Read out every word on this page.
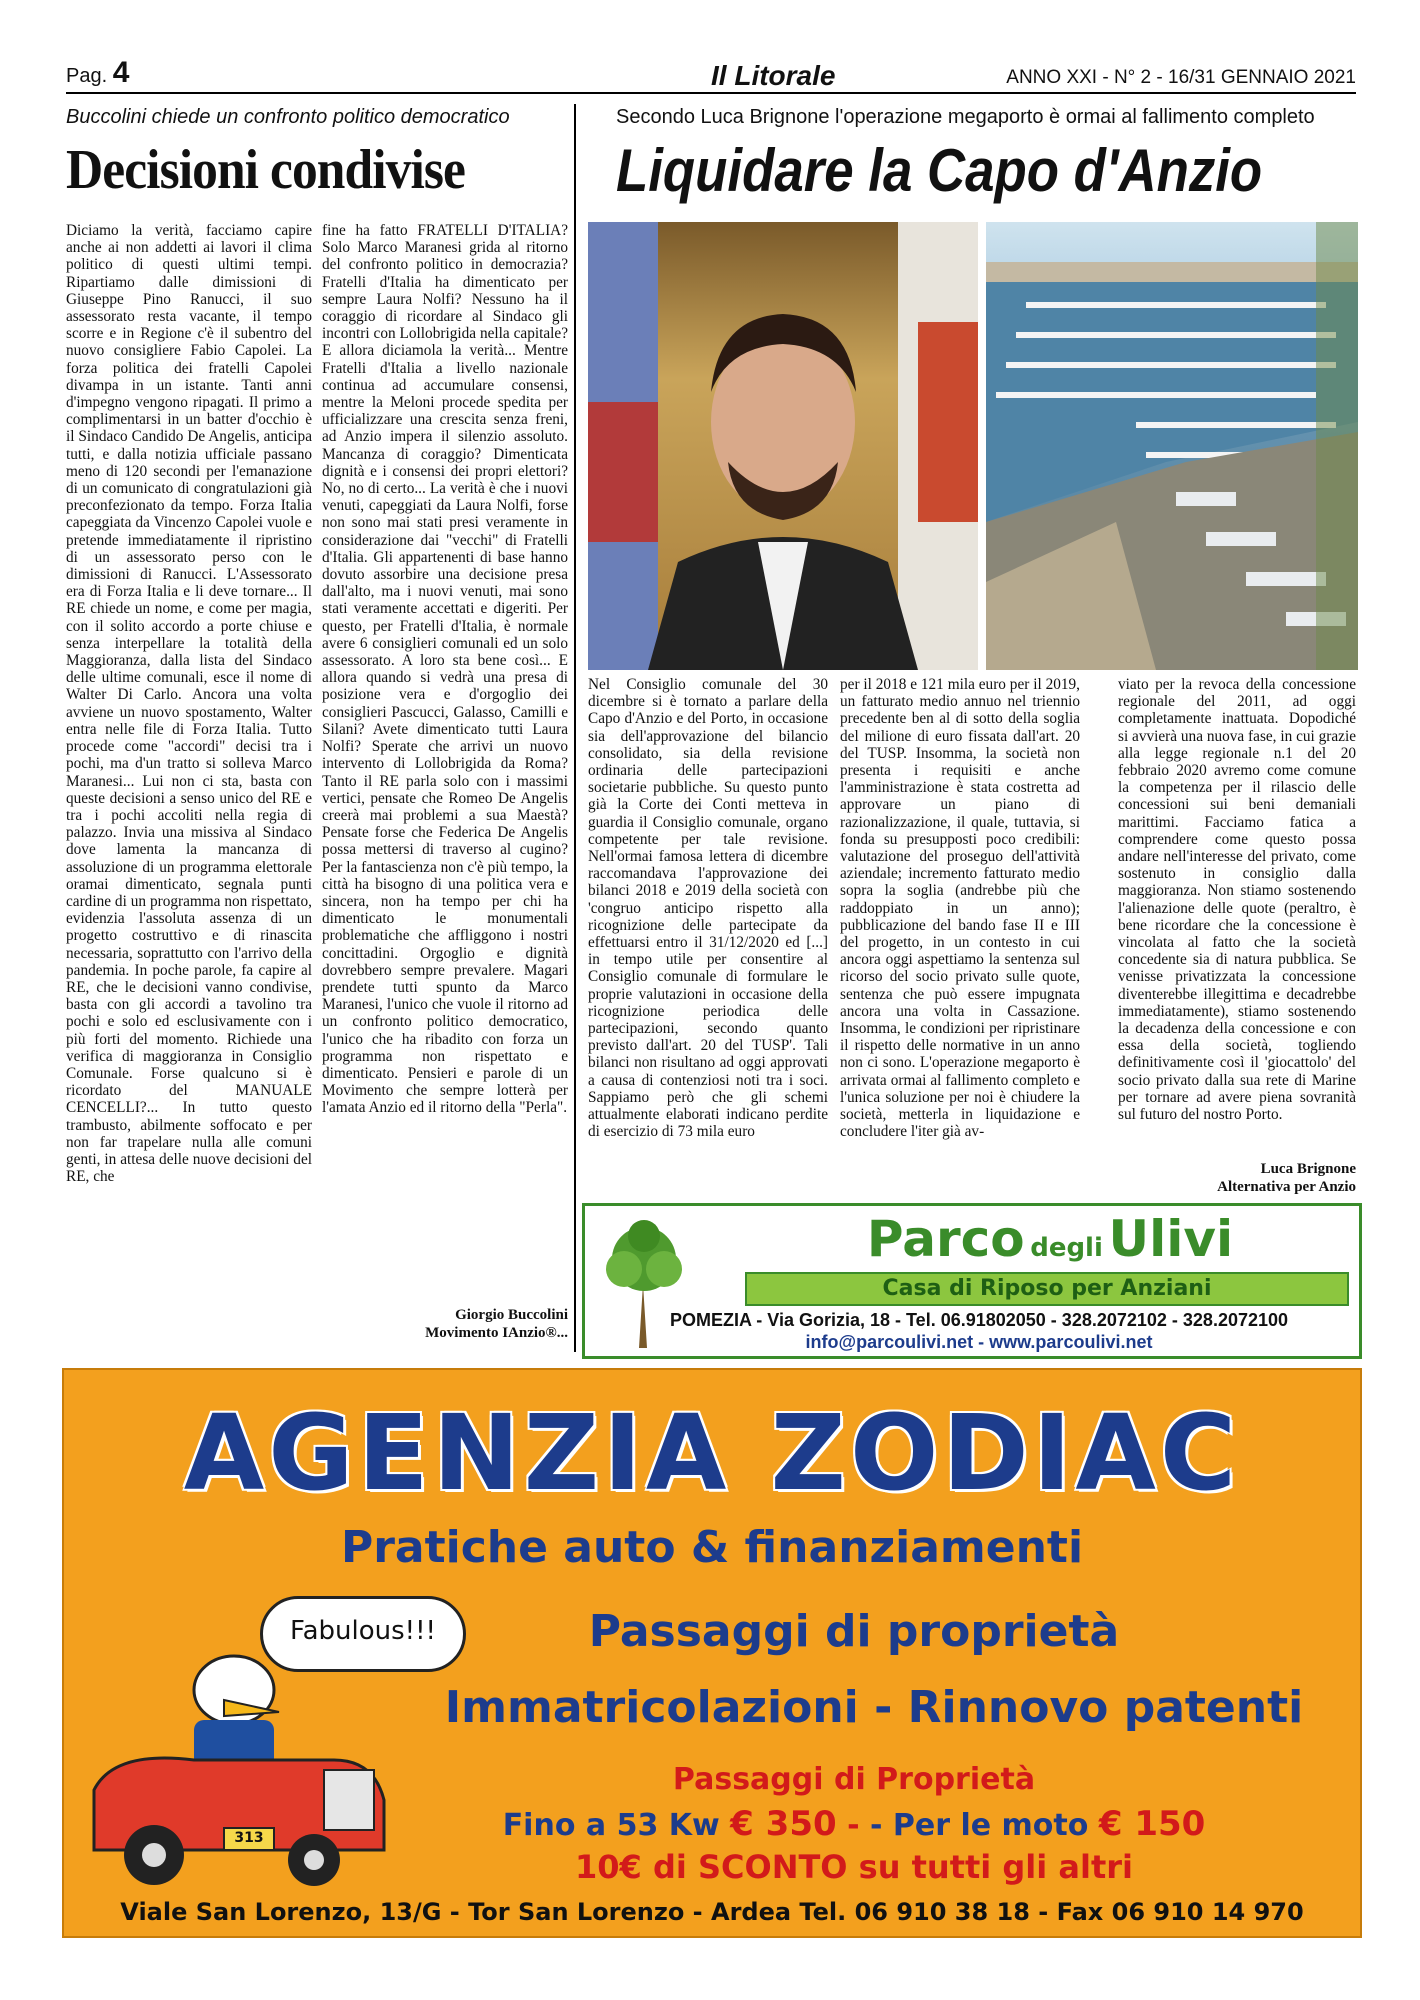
Pag. 4	Il Litorale	ANNO XXI - N° 2 - 16/31 GENNAIO 2021
Buccolini chiede un confronto politico democratico
Decisioni condivise

Diciamo la verità, facciamo capire anche ai non addetti ai lavori il clima politico di questi ultimi tempi. Ripartiamo dalle dimissioni di Giuseppe Pino Ranucci, il suo assessorato resta vacante, il tempo scorre e in Regione c'è il subentro del nuovo consigliere Fabio Capolei. La forza politica dei fratelli Capolei divampa in un istante. Tanti anni d'impegno vengono ripagati. Il primo a complimentarsi in un batter d'occhio è il Sindaco Candido De Angelis, anticipa tutti, e dalla notizia ufficiale passano meno di 120 secondi per l'emanazione di un comunicato di congratulazioni già preconfezionato da tempo. Forza Italia capeggiata da Vincenzo Capolei vuole e pretende immediatamente il ripristino di un assessorato perso con le dimissioni di Ranucci. L'Assessorato era di Forza Italia e li deve tornare... Il RE chiede un nome, e come per magia, con il solito accordo a porte chiuse e senza interpellare la totalità della Maggioranza, dalla lista del Sindaco delle ultime comunali, esce il nome di Walter Di Carlo. Ancora una volta avviene un nuovo spostamento, Walter entra nelle file di Forza Italia. Tutto procede come "accordi" decisi tra i pochi, ma d'un tratto si solleva Marco Maranesi... Lui non ci sta, basta con queste decisioni a senso unico del RE e tra i pochi accoliti nella regia di palazzo. Invia una missiva al Sindaco dove lamenta la mancanza di assoluzione di un programma elettorale oramai dimenticato, segnala punti cardine di un programma non rispettato, evidenzia l'assoluta assenza di un progetto costruttivo e di rinascita necessaria, soprattutto con l'arrivo della pandemia. In poche parole, fa capire al RE, che le decisioni vanno condivise, basta con gli accordi a tavolino tra pochi e solo ed esclusivamente con i più forti del momento. Richiede una verifica di maggioranza in Consiglio Comunale. Forse qualcuno si è ricordato del MANUALE CENCELLI?... In tutto questo trambusto, abilmente soffocato e per non far trapelare nulla alle comuni genti, in attesa delle nuove decisioni del RE, che

fine ha fatto FRATELLI D'ITALIA? Solo Marco Maranesi grida al ritorno del confronto politico in democrazia? Fratelli d'Italia ha dimenticato per sempre Laura Nolfi? Nessuno ha il coraggio di ricordare al Sindaco gli incontri con Lollobrigida nella capitale? E allora diciamola la verità... Mentre Fratelli d'Italia a livello nazionale continua ad accumulare consensi, mentre la Meloni procede spedita per ufficializzare una crescita senza freni, ad Anzio impera il silenzio assoluto. Mancanza di coraggio? Dimenticata dignità e i consensi dei propri elettori? No, no di certo... La verità è che i nuovi venuti, capeggiati da Laura Nolfi, forse non sono mai stati presi veramente in considerazione dai "vecchi" di Fratelli d'Italia. Gli appartenenti di base hanno dovuto assorbire una decisione presa dall'alto, ma i nuovi venuti, mai sono stati veramente accettati e digeriti. Per questo, per Fratelli d'Italia, è normale avere 6 consiglieri comunali ed un solo assessorato. A loro sta bene così... E allora quando si vedrà una presa di posizione vera e d'orgoglio dei consiglieri Pascucci, Galasso, Camilli e Silani? Avete dimenticato tutti Laura Nolfi? Sperate che arrivi un nuovo intervento di Lollobrigida da Roma? Tanto il RE parla solo con i massimi vertici, pensate che Romeo De Angelis creerà mai problemi a sua Maestà? Pensate forse che Federica De Angelis possa mettersi di traverso al cugino? Per la fantascienza non c'è più tempo, la città ha bisogno di una politica vera e sincera, non ha tempo per chi ha dimenticato le monumentali problematiche che affliggono i nostri concittadini. Orgoglio e dignità dovrebbero sempre prevalere. Magari prendete tutti spunto da Marco Maranesi, l'unico che vuole il ritorno ad un confronto politico democratico, l'unico che ha ribadito con forza un programma non rispettato e dimenticato. Pensieri e parole di un Movimento che sempre lotterà per l'amata Anzio ed il ritorno della "Perla".

Giorgio Buccolini
Movimento IAnzio®...
Secondo Luca Brignone l'operazione megaporto è ormai al fallimento completo
Liquidare la Capo d'Anzio

Nel Consiglio comunale del 30 dicembre si è tornato a parlare della Capo d'Anzio e del Porto, in occasione sia dell'approvazione del bilancio consolidato, sia della revisione ordinaria delle partecipazioni societarie pubbliche. Su questo punto già la Corte dei Conti metteva in guardia il Consiglio comunale, organo competente per tale revisione. Nell'ormai famosa lettera di dicembre raccomandava l'approvazione dei bilanci 2018 e 2019 della società con 'congruo anticipo rispetto alla ricognizione delle partecipate da effettuarsi entro il 31/12/2020 ed [...] in tempo utile per consentire al Consiglio comunale di formulare le proprie valutazioni in occasione della ricognizione periodica delle partecipazioni, secondo quanto previsto dall'art. 20 del TUSP'. Tali bilanci non risultano ad oggi approvati a causa di contenziosi noti tra i soci. Sappiamo però che gli schemi attualmente elaborati indicano perdite di esercizio di 73 mila euro

per il 2018 e 121 mila euro per il 2019, un fatturato medio annuo nel triennio precedente ben al di sotto della soglia del milione di euro fissata dall'art. 20 del TUSP. Insomma, la società non presenta i requisiti e anche l'amministrazione è stata costretta ad approvare un piano di razionalizzazione, il quale, tuttavia, si fonda su presupposti poco credibili: valutazione del proseguo dell'attività aziendale; incremento fatturato medio sopra la soglia (andrebbe più che raddoppiato in un anno); pubblicazione del bando fase II e III del progetto, in un contesto in cui ancora oggi aspettiamo la sentenza sul ricorso del socio privato sulle quote, sentenza che può essere impugnata ancora una volta in Cassazione. Insomma, le condizioni per ripristinare il rispetto delle normative in un anno non ci sono. L'operazione megaporto è arrivata ormai al fallimento completo e l'unica soluzione per noi è chiudere la società, metterla in liquidazione e concludere l'iter già av-

viato per la revoca della concessione regionale del 2011, ad oggi completamente inattuata. Dopodiché si avvierà una nuova fase, in cui grazie alla legge regionale n.1 del 20 febbraio 2020 avremo come comune la competenza per il rilascio delle concessioni sui beni demaniali marittimi. Facciamo fatica a comprendere come questo possa andare nell'interesse del privato, come sostenuto in consiglio dalla maggioranza. Non stiamo sostenendo l'alienazione delle quote (peraltro, è bene ricordare che la concessione è vincolata al fatto che la società concedente sia di natura pubblica. Se venisse privatizzata la concessione diventerebbe illegittima e decadrebbe immediatamente), stiamo sostenendo la decadenza della concessione e con essa della società, togliendo definitivamente così il 'giocattolo' del socio privato dalla sua rete di Marine per tornare ad avere piena sovranità sul futuro del nostro Porto.

Luca Brignone
Alternativa per Anzio
Parco degli Ulivi
Casa di Riposo per Anziani
POMEZIA - Via Gorizia, 18 - Tel. 06.91802050 - 328.2072102 - 328.2072100
info@parcoulivi.net - www.parcoulivi.net
AGENZIA ZODIAC
Pratiche auto & finanziamenti
Fabulous!!!
313
Passaggi di proprietà
Immatricolazioni - Rinnovo patenti
Passaggi di Proprietà
Fino a 53 Kw € 350 - - Per le moto € 150
10€ di SCONTO su tutti gli altri
Viale San Lorenzo, 13/G - Tor San Lorenzo - Ardea Tel. 06 910 38 18 - Fax 06 910 14 970
